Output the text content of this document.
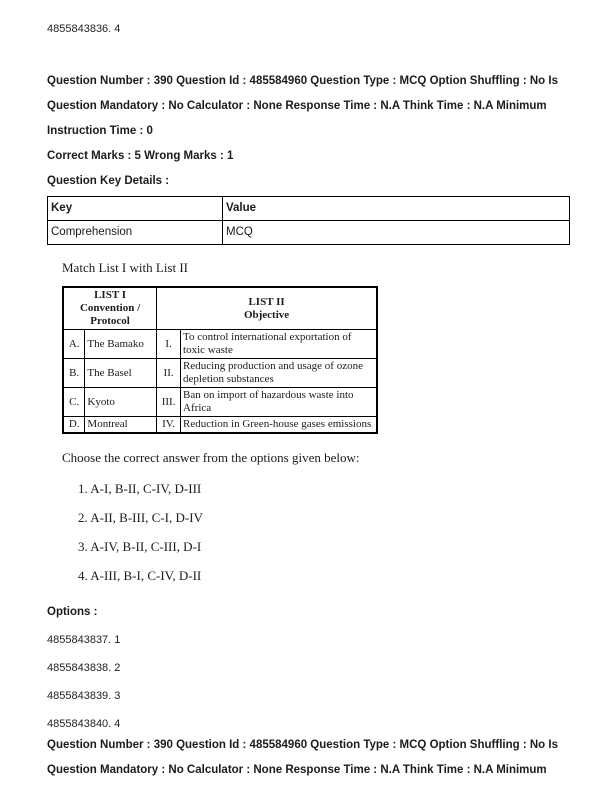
4855843836. 4
Question Number : 390 Question Id : 485584960 Question Type : MCQ Option Shuffling : No Is
Question Mandatory : No Calculator : None Response Time : N.A Think Time : N.A Minimum
Instruction Time : 0
Correct Marks : 5 Wrong Marks : 1
Question Key Details :
Key	Value
Comprehension	MCQ
Match List I with List II
LIST I
Convention /
Protocol

LIST II
Objective

A.	The Bamako	I.	To control international exportation of toxic waste
B.	The Basel	II.	Reducing production and usage of ozone depletion substances
C.	Kyoto	III.	Ban on import of hazardous waste into Africa
D.	Montreal	IV.	Reduction in Green-house gases emissions
Choose the correct answer from the options given below:
1. A-I, B-II, C-IV, D-III
2. A-II, B-III, C-I, D-IV
3. A-IV, B-II, C-III, D-I
4. A-III, B-I, C-IV, D-II
Options :
4855843837. 1
4855843838. 2
4855843839. 3
4855843840. 4
Question Number : 390 Question Id : 485584960 Question Type : MCQ Option Shuffling : No Is
Question Mandatory : No Calculator : None Response Time : N.A Think Time : N.A Minimum
